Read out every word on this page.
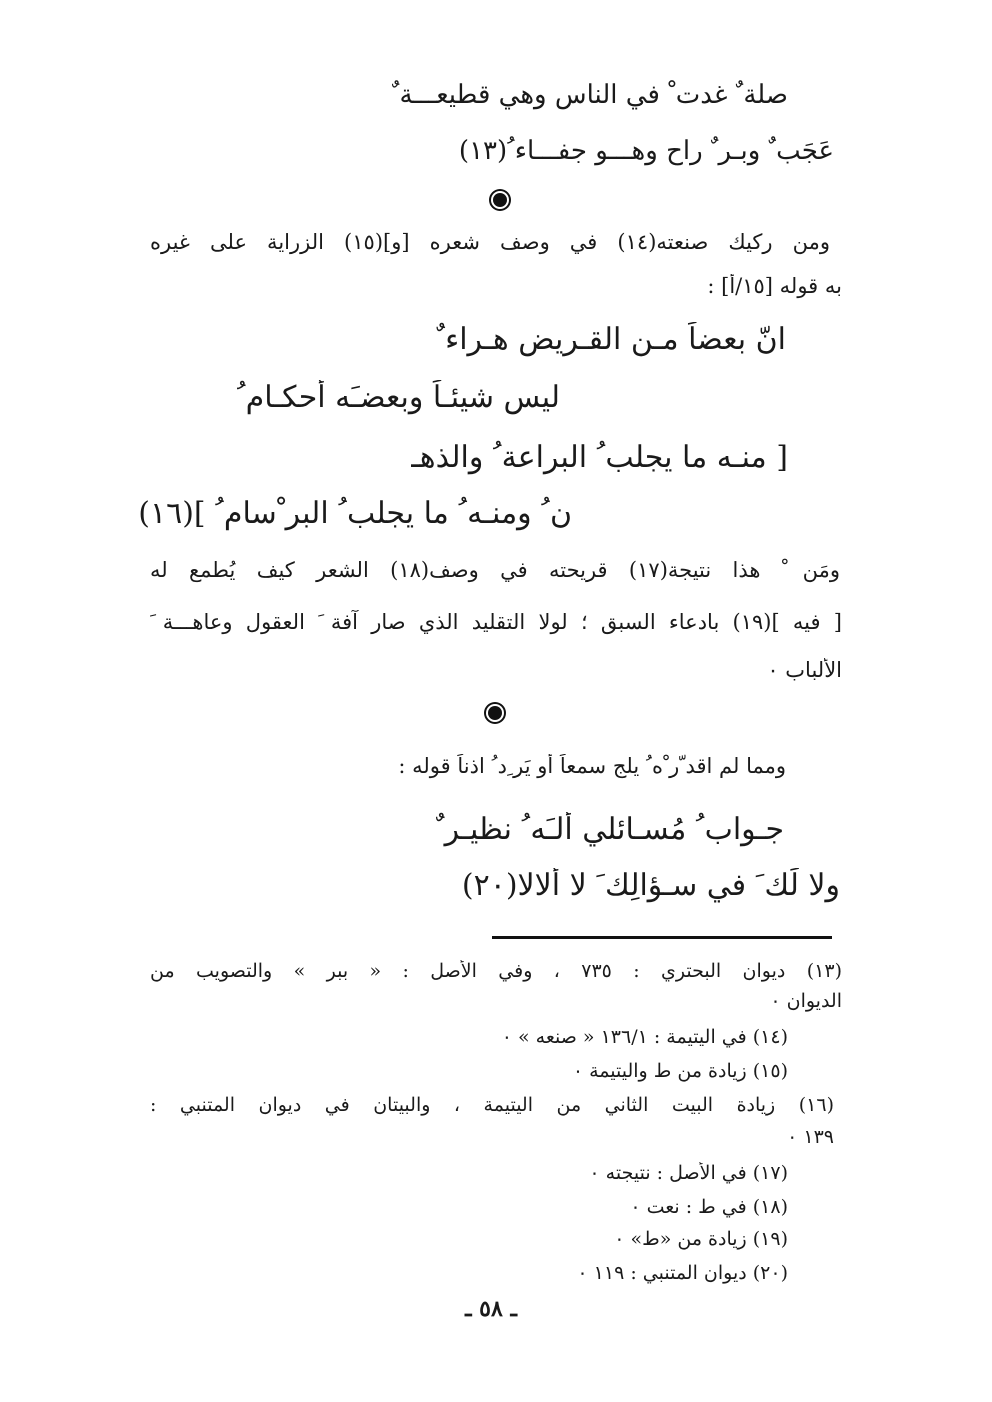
صلة ٌ غدت ْ في الناس وهي قطيعـــة ٌ
عَجَب ٌ وبـر ٌ راح وهـــو جفـــاء ُ(١٣)
ومن ركيك صنعته(١٤) في وصف شعره [و](١٥) الزراية على غيره
به قوله [١٥/أ] :
انّ بعضاً مـن القـريض هـراء ٌ
ليس شيئـاً وبعضـَه أحكـام ُ
[ منـه ما يجلب ُ البراعة ُ والذهـ
ن ُ ومنـه ُ ما يجلب ُ البر ْسام ُ ](١٦)
ومَن ْ هذا نتيجة(١٧) قريحته في وصف(١٨) الشعر كيف يُطمع له
[ فيه ](١٩) بادعاء السبق ؛ لولا التقليد الذي صار آفة َ العقول وعاهـــة َ
الألباب ٠
ومما لم اقد ّر ْه ُ يلج سمعاً أو يَر ِد ُ اذناً قوله :
جـواب ُ مُسـائلي ألـَه ُ نظيـر ٌ
ولا لَك َ في سـؤالِك َ لا ألالا(٢٠)
(١٣) ديوان البحتري : ٧٣٥ ، وفي الأصل : « ببر » والتصويب من
الديوان ٠
(١٤) في اليتيمة : ١٣٦/١ « صنعه » ٠
(١٥) زيادة من ط واليتيمة ٠
(١٦) زيادة البيت الثاني من اليتيمة ، والبيتان في ديوان المتنبي :
١٣٩ ٠
(١٧) في الأصل : نتيجته ٠
(١٨) في ط : نعت ٠
(١٩) زيادة من «ط» ٠
(٢٠) ديوان المتنبي : ١١٩ ٠
ـ ٥٨ ـ
